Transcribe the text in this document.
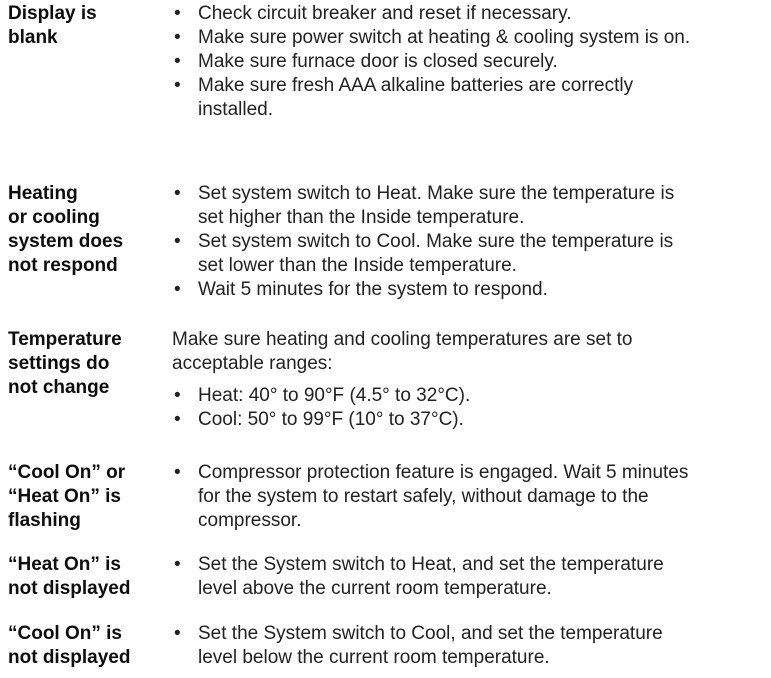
Display is
blank
• Check circuit breaker and reset if necessary.
• Make sure power switch at heating & cooling system is on.
• Make sure furnace door is closed securely.
• Make sure fresh AAA alkaline batteries are correctly
installed.
Heating
or cooling
system does
not respond
• Set system switch to Heat. Make sure the temperature is
set higher than the Inside temperature.
• Set system switch to Cool. Make sure the temperature is
set lower than the Inside temperature.
• Wait 5 minutes for the system to respond.
Temperature
settings do
not change
Make sure heating and cooling temperatures are set to
acceptable ranges:
• Heat: 40° to 90°F (4.5° to 32°C).
• Cool: 50° to 99°F (10° to 37°C).
“Cool On” or
“Heat On” is
flashing
• Compressor protection feature is engaged. Wait 5 minutes
for the system to restart safely, without damage to the
compressor.
“Heat On” is
not displayed
• Set the System switch to Heat, and set the temperature
level above the current room temperature.
“Cool On” is
not displayed
• Set the System switch to Cool, and set the temperature
level below the current room temperature.
